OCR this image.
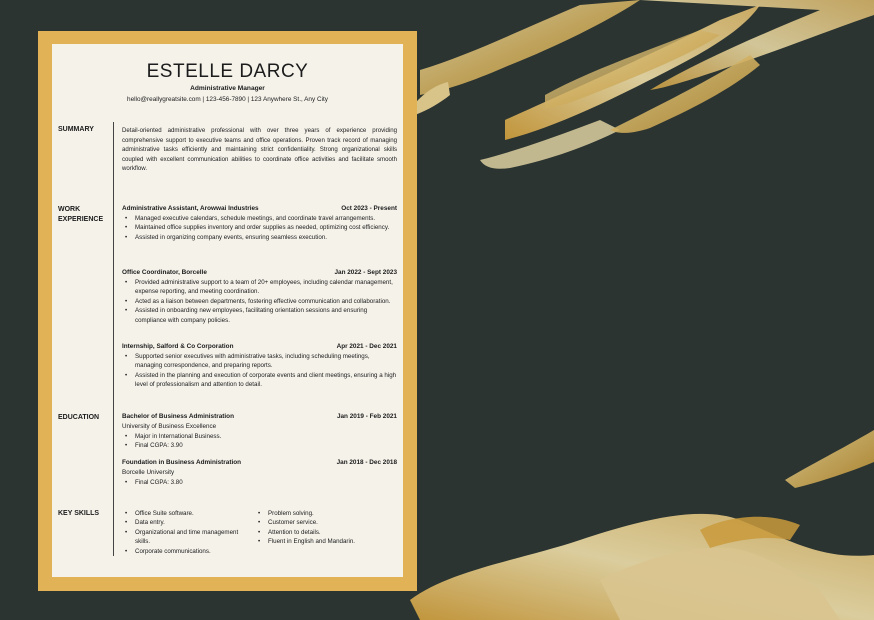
ESTELLE DARCY
Administrative Manager
hello@reallygreatsite.com | 123-456-7890 | 123 Anywhere St., Any City
SUMMARY	Detail-oriented administrative professional with over three years of experience providing comprehensive support to executive teams and office operations. Proven track record of managing administrative tasks efficiently and maintaining strict confidentiality. Strong organizational skills coupled with excellent communication abilities to coordinate office activities and facilitate smooth workflow.
WORK
EXPERIENCE
Administrative Assistant, Arowwai Industries	Oct 2023 - Present
• Managed executive calendars, schedule meetings, and coordinate travel arrangements.
• Maintained office supplies inventory and order supplies as needed, optimizing cost efficiency.
• Assisted in organizing company events, ensuring seamless execution.
Office Coordinator, Borcelle	Jan 2022 - Sept 2023
• Provided administrative support to a team of 20+ employees, including calendar management, expense reporting, and meeting coordination.
• Acted as a liaison between departments, fostering effective communication and collaboration.
• Assisted in onboarding new employees, facilitating orientation sessions and ensuring compliance with company policies.
Internship, Salford & Co Corporation	Apr 2021 - Dec 2021
• Supported senior executives with administrative tasks, including scheduling meetings, managing correspondence, and preparing reports.
• Assisted in the planning and execution of corporate events and client meetings, ensuring a high level of professionalism and attention to detail.
EDUCATION	Bachelor of Business Administration	Jan 2019 - Feb 2021
University of Business Excellence
• Major in International Business.
• Final CGPA: 3.90
Foundation in Business Administration	Jan 2018 - Dec 2018
Borcelle University
• Final CGPA: 3.80
KEY SKILLS
•	Office Suite software.
• Data entry.
• Organizational and time management skills.
• Corporate communications.
• Problem solving.
• Customer service.
• Attention to details.
• Fluent in English and Mandarin.
